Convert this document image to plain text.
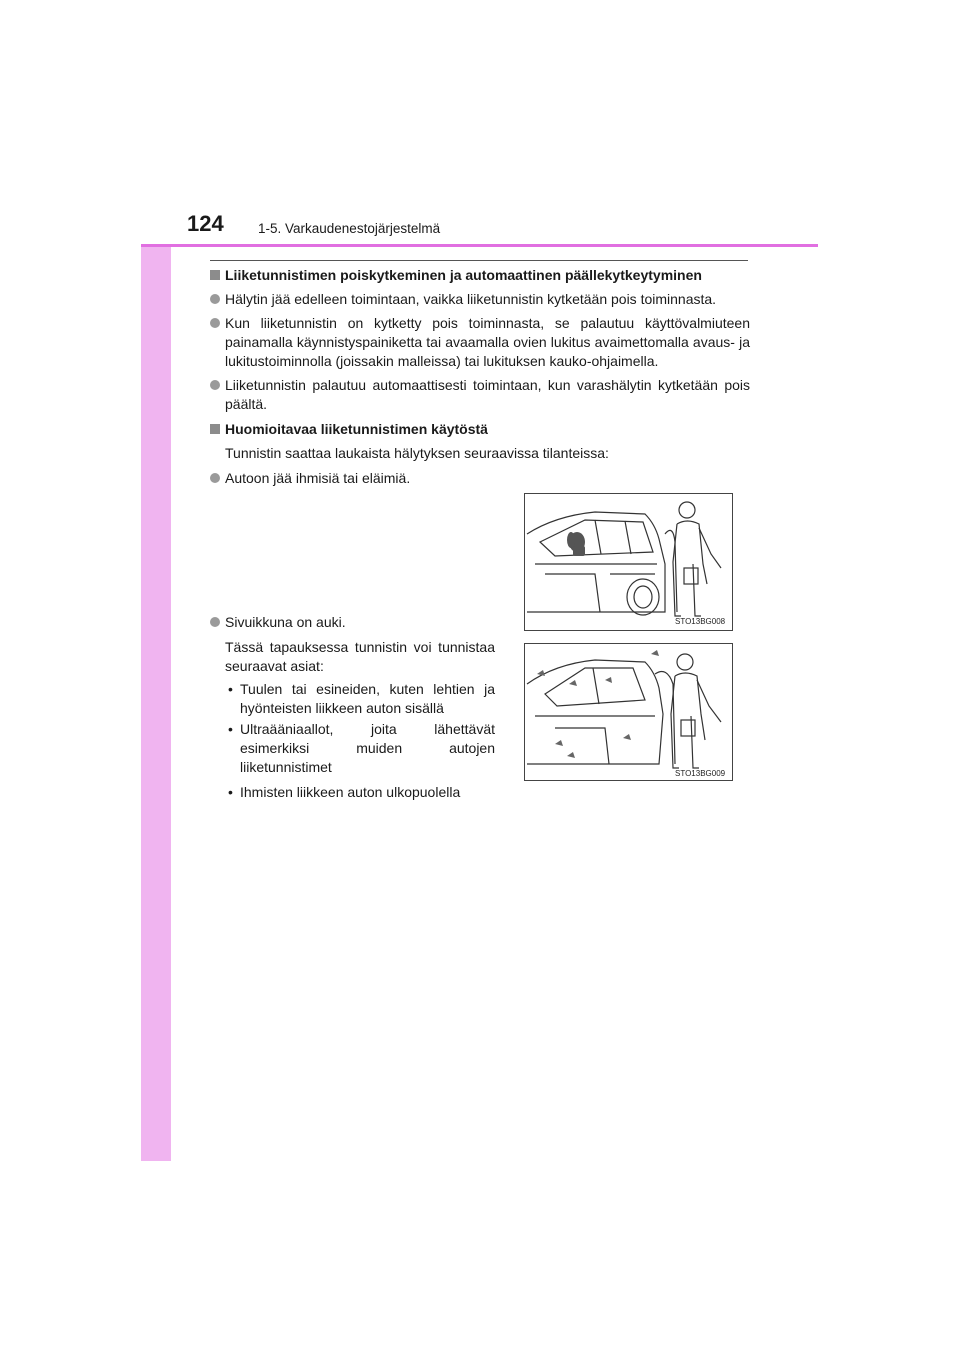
124	1-5. Varkaudenestojärjestelmä
Liiketunnistimen poiskytkeminen ja automaattinen päällekytkeytyminen
Hälytin jää edelleen toimintaan, vaikka liiketunnistin kytketään pois toiminnasta.
Kun liiketunnistin on kytketty pois toiminnasta, se palautuu käyttövalmiuteen painamalla käynnistyspainiketta tai avaamalla ovien lukitus avaimettomalla avaus- ja lukitustoiminnolla (joissakin malleissa) tai lukituksen kauko-ohjaimella.
Liiketunnistin palautuu automaattisesti toimintaan, kun varashälytin kytketään pois päältä.
Huomioitavaa liiketunnistimen käytöstä
Tunnistin saattaa laukaista hälytyksen seuraavissa tilanteissa:
Autoon jää ihmisiä tai eläimiä.
Sivuikkuna on auki.
Tässä tapauksessa tunnistin voi tunnistaa seuraavat asiat:
• Tuulen tai esineiden, kuten lehtien ja hyönteisten liikkeen auton sisällä
• Ultraääniaallot, joita lähettävät esimerkiksi muiden autojen liiketunnistimet
• Ihmisten liikkeen auton ulkopuolella
STO13BG008
STO13BG009
